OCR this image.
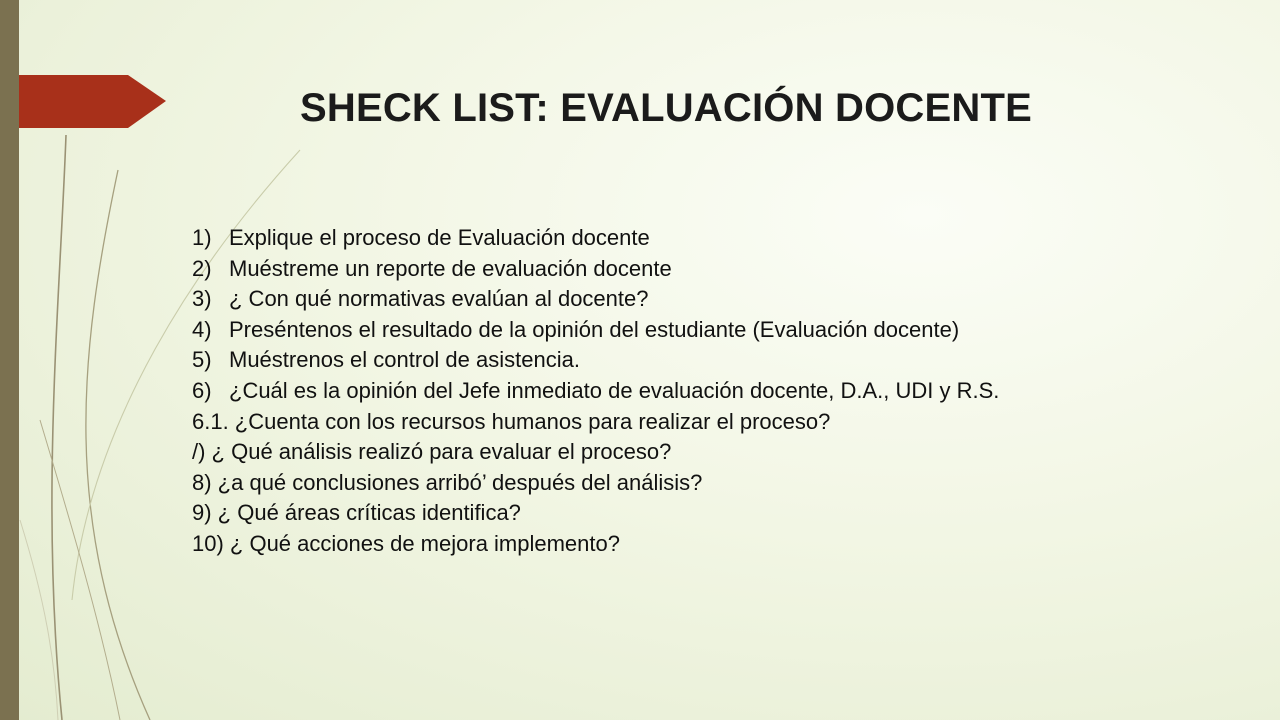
SHECK LIST: EVALUACIÓN DOCENTE
1) Explique el proceso de Evaluación docente
2) Muéstreme un reporte de evaluación docente
3) ¿ Con qué normativas evalúan al docente?
4) Preséntenos el resultado de la opinión del estudiante (Evaluación docente)
5) Muéstrenos el control de asistencia.
6) ¿Cuál es la opinión del Jefe inmediato de evaluación docente, D.A., UDI y R.S.
6.1. ¿Cuenta con los recursos humanos para realizar el proceso?
/) ¿ Qué análisis realizó para evaluar el proceso?
8) ¿a qué conclusiones arribó’ después del análisis?
9) ¿ Qué áreas críticas identifica?
10) ¿ Qué acciones de mejora implemento?
